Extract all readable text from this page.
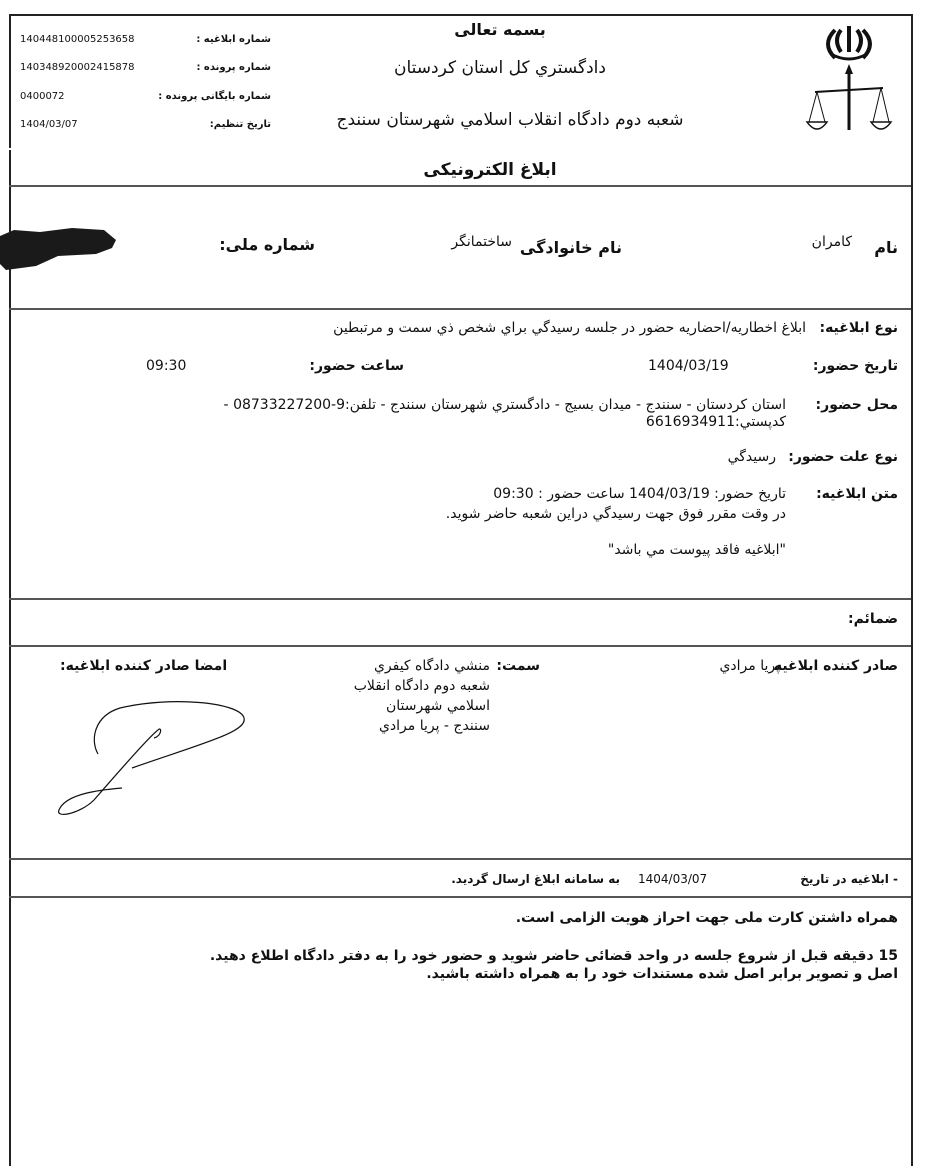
140448100005253658	شماره ابلاغيه :
140348920002415878	شماره پرونده :
0400072	شماره بايگانی پرونده :
1404/03/07	تاريخ تنظيم:
بسمه تعالی
دادگستري كل استان كردستان
شعبه دوم دادگاه انقلاب اسلامي شهرستان سنندج
ابلاغ الکترونیکی
نام
کامران
نام خانوادگی
ساختمانگر
شماره ملی:
نوع ابلاغيه:
ابلاغ اخطاريه/احضاريه حضور در جلسه رسيدگي براي شخص ذي سمت و مرتبطين
تاريخ حضور:
1404/03/19
ساعت حضور:
09:30
محل حضور:
استان كردستان - سنندج - ميدان بسيج - دادگستري شهرستان سنندج - تلفن:9-08733227200 -
كدپستي:6616934911
نوع علت حضور:
رسيدگي
متن ابلاغيه:
تاريخ حضور: 1404/03/19 ساعت حضور : 09:30
در وقت مقرر فوق جهت رسيدگي دراين شعبه حاضر شويد.
"ابلاغيه فاقد پيوست مي باشد"
ضمائم:
صادر كننده ابلاغيه
پريا مرادي
سمت:
منشي دادگاه كيفري
شعبه دوم دادگاه انقلاب
اسلامي شهرستان
سنندج - پريا مرادي
امضا صادر كننده ابلاغيه:
- ابلاغيه در تاريخ
1404/03/07
به سامانه ابلاغ ارسال گرديد.
همراه داشتن کارت ملی جهت احراز هویت الزامی است.
15 دقیقه قبل از شروع جلسه در واحد قضائی حاضر شوید و حضور خود را به دفتر دادگاه اطلاع دهید.
اصل و تصویر برابر اصل شده مستندات خود را به همراه داشته باشید.
